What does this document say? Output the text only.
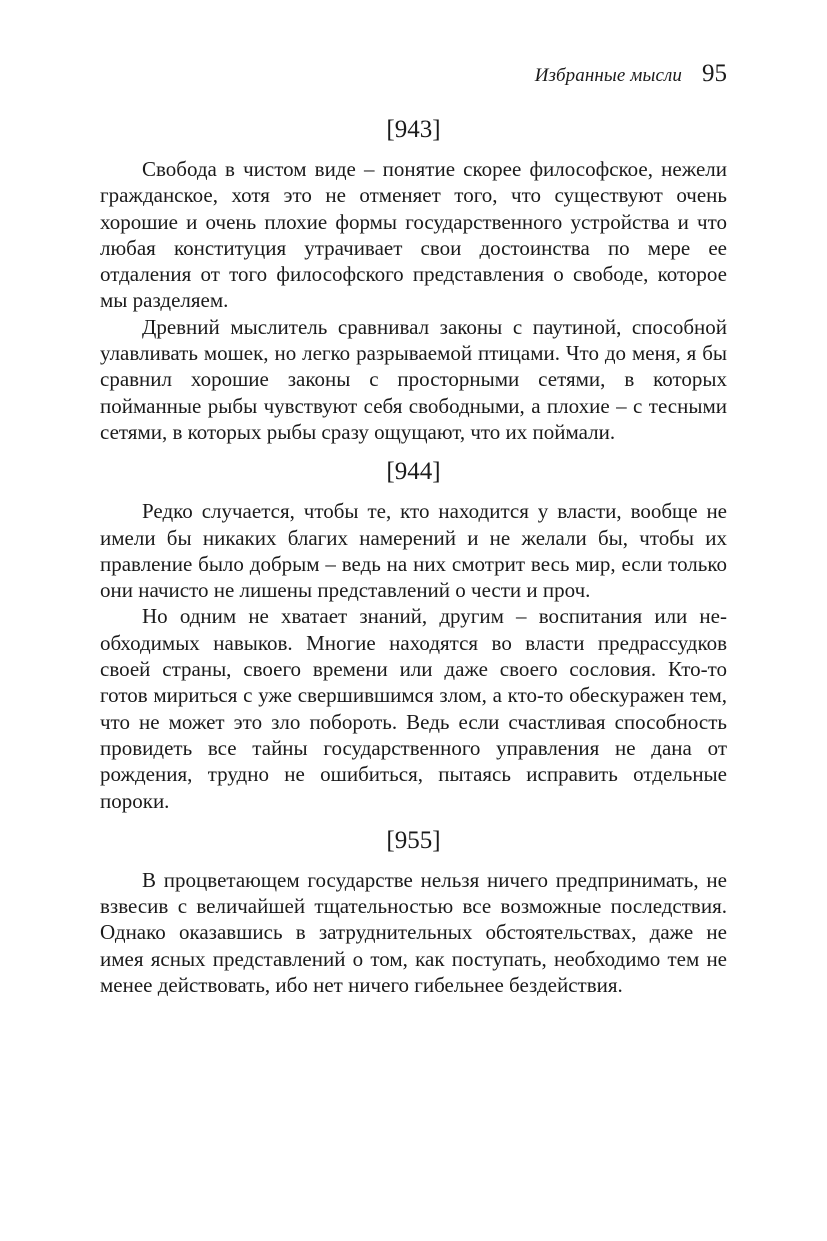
Избранные мысли 95
[943]

Свобода в чистом виде – понятие скорее философское, нежели гражданское, хотя это не отменяет того, что существуют очень хорошие и очень плохие формы государственного устройства и что любая конституция утрачивает свои достоинства по мере ее отдаления от того философского представления о свободе, которое мы разделяем.

Древний мыслитель сравнивал законы с паутиной, способной улавливать мошек, но легко разрываемой птицами. Что до меня, я бы сравнил хорошие законы с просторными сетями, в которых пойманные рыбы чувствуют себя свободными, а плохие – с тесными сетями, в которых рыбы сразу ощущают, что их поймали.

[944]

Редко случается, чтобы те, кто находится у власти, вообще не имели бы никаких благих намерений и не желали бы, чтобы их правление было добрым – ведь на них смотрит весь мир, если только они начисто не лишены представлений о чести и проч.

Но одним не хватает знаний, другим – воспитания или необходимых навыков. Многие находятся во власти предрассудков своей страны, своего времени или даже своего сословия. Кто-то готов мириться с уже свершившимся злом, а кто-то обескуражен тем, что не может это зло побороть. Ведь если счастливая способность провидеть все тайны государственного управления не дана от рождения, трудно не ошибиться, пытаясь исправить отдельные пороки.

[955]

В процветающем государстве нельзя ничего предпринимать, не взвесив с величайшей тщательностью все возможные последствия. Однако оказавшись в затруднительных обстоятельствах, даже не имея ясных представлений о том, как поступать, необходимо тем не менее действовать, ибо нет ничего гибельнее бездействия.
